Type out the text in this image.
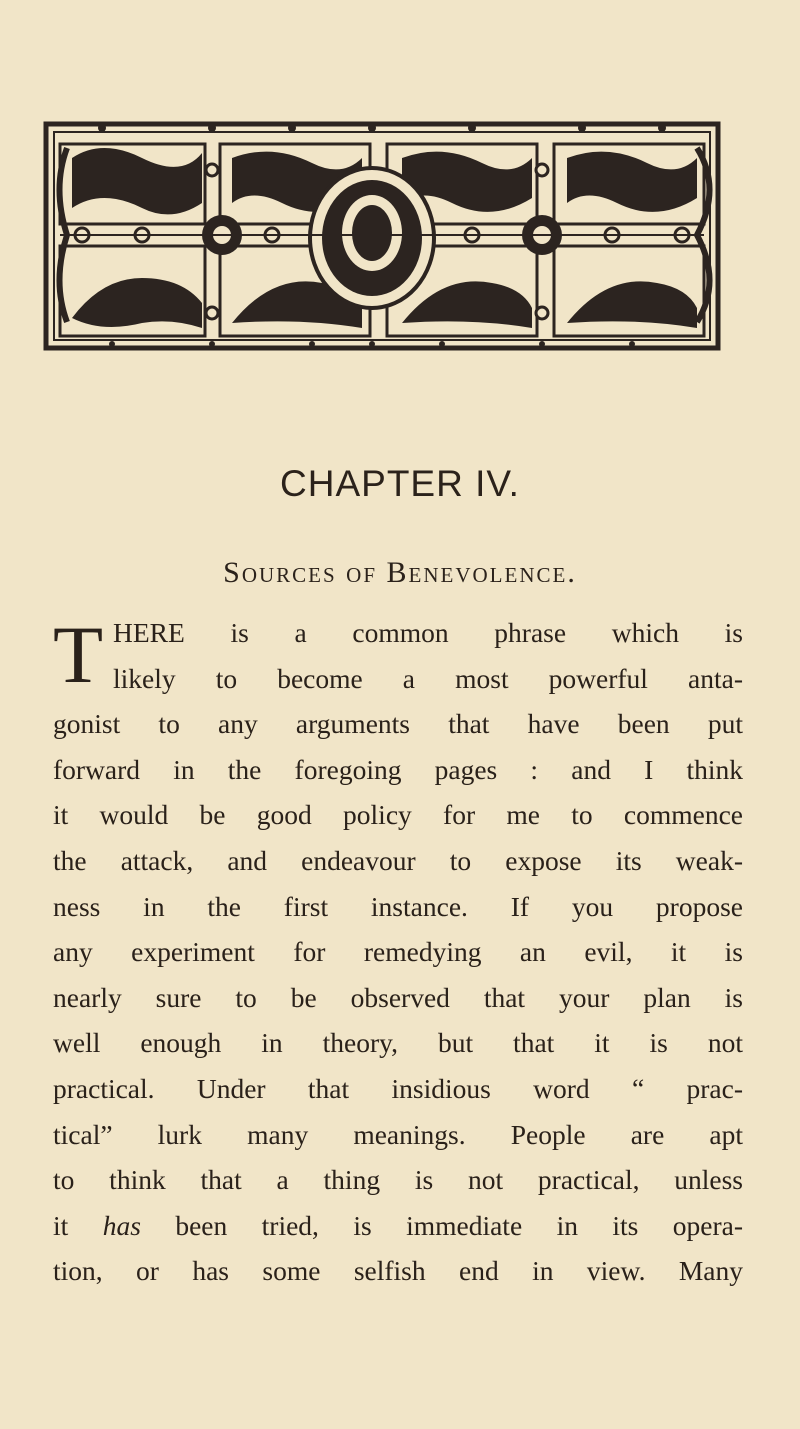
CHAPTER IV.
Sources of Benevolence.
T HERE is a common phrase which is
likely to become a most powerful anta-
gonist to any arguments that have been put
forward in the foregoing pages : and I think
it would be good policy for me to commence
the attack, and endeavour to expose its weak-
ness in the first instance. If you propose
any experiment for remedying an evil, it is
nearly sure to be observed that your plan is
well enough in theory, but that it is not
practical. Under that insidious word “ prac-
tical” lurk many meanings. People are apt
to think that a thing is not practical, unless
it has been tried, is immediate in its opera-
tion, or has some selfish end in view. Many
